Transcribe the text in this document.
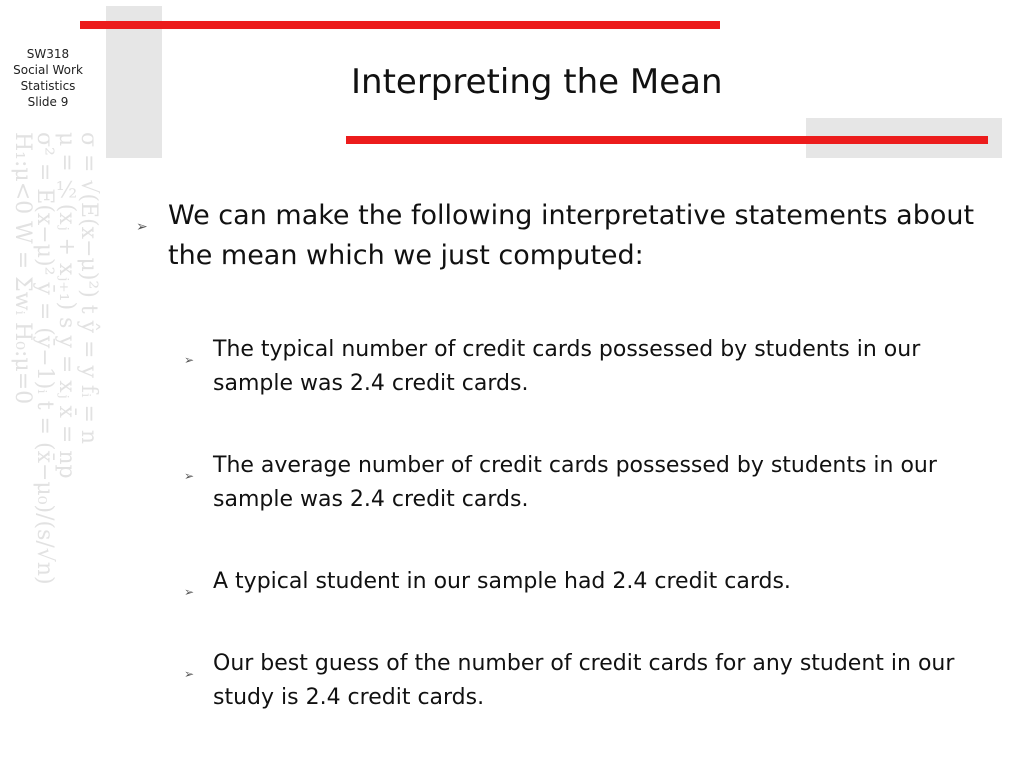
SW318
Social Work
Statistics
Slide 9
H₁:μ<0 W = Σwᵢ H₀:μ=0
σ² = E(x−μ)² ȳ = (ȳ−1)ᵢ t = (x̄−μ₀)/(s/√n)
μ = ½(xⱼ + xⱼ₊₁) s y = xⱼ x̄ = np
σ = √(E(x−μ)²) t ŷ = y fᵢ = n
Interpreting the Mean
➢ We can make the following interpretative statements about the mean which we just computed:
➢ The typical number of credit cards possessed by students in our sample was 2.4 credit cards.
➢ The average number of credit cards possessed by students in our sample was 2.4 credit cards.
➢ A typical student in our sample had 2.4 credit cards.
➢ Our best guess of the number of credit cards for any student in our study is 2.4 credit cards.
